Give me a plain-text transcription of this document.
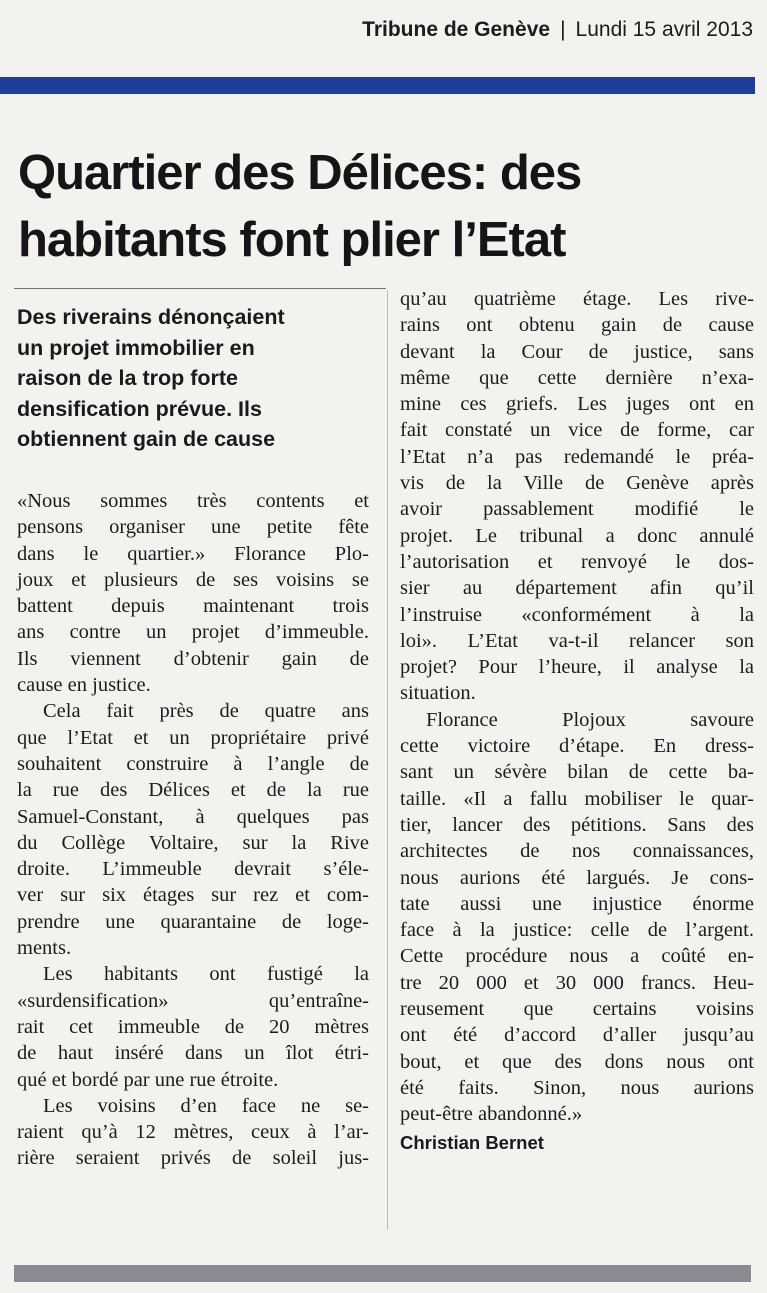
Tribune de Genève | Lundi 15 avril 2013
Quartier des Délices: des
habitants font plier l’Etat
Des riverains dénonçaient
un projet immobilier en
raison de la trop forte
densification prévue. Ils
obtiennent gain de cause
«Nous sommes très contents et
pensons organiser une petite fête
dans le quartier.» Florance Plo-
joux et plusieurs de ses voisins se
battent depuis maintenant trois
ans contre un projet d’immeuble.
Ils viennent d’obtenir gain de
cause en justice.
Cela fait près de quatre ans
que l’Etat et un propriétaire privé
souhaitent construire à l’angle de
la rue des Délices et de la rue
Samuel-Constant, à quelques pas
du Collège Voltaire, sur la Rive
droite. L’immeuble devrait s’éle-
ver sur six étages sur rez et com-
prendre une quarantaine de loge-
ments.
Les habitants ont fustigé la
«surdensification» qu’entraîne-
rait cet immeuble de 20 mètres
de haut inséré dans un îlot étri-
qué et bordé par une rue étroite.
Les voisins d’en face ne se-
raient qu’à 12 mètres, ceux à l’ar-
rière seraient privés de soleil jus-
qu’au quatrième étage. Les rive-
rains ont obtenu gain de cause
devant la Cour de justice, sans
même que cette dernière n’exa-
mine ces griefs. Les juges ont en
fait constaté un vice de forme, car
l’Etat n’a pas redemandé le préa-
vis de la Ville de Genève après
avoir passablement modifié le
projet. Le tribunal a donc annulé
l’autorisation et renvoyé le dos-
sier au département afin qu’il
l’instruise «conformément à la
loi». L’Etat va-t-il relancer son
projet? Pour l’heure, il analyse la
situation.
Florance Plojoux savoure
cette victoire d’étape. En dress-
sant un sévère bilan de cette ba-
taille. «Il a fallu mobiliser le quar-
tier, lancer des pétitions. Sans des
architectes de nos connaissances,
nous aurions été largués. Je cons-
tate aussi une injustice énorme
face à la justice: celle de l’argent.
Cette procédure nous a coûté en-
tre 20 000 et 30 000 francs. Heu-
reusement que certains voisins
ont été d’accord d’aller jusqu’au
bout, et que des dons nous ont
été faits. Sinon, nous aurions
peut-être abandonné.»
Christian Bernet
